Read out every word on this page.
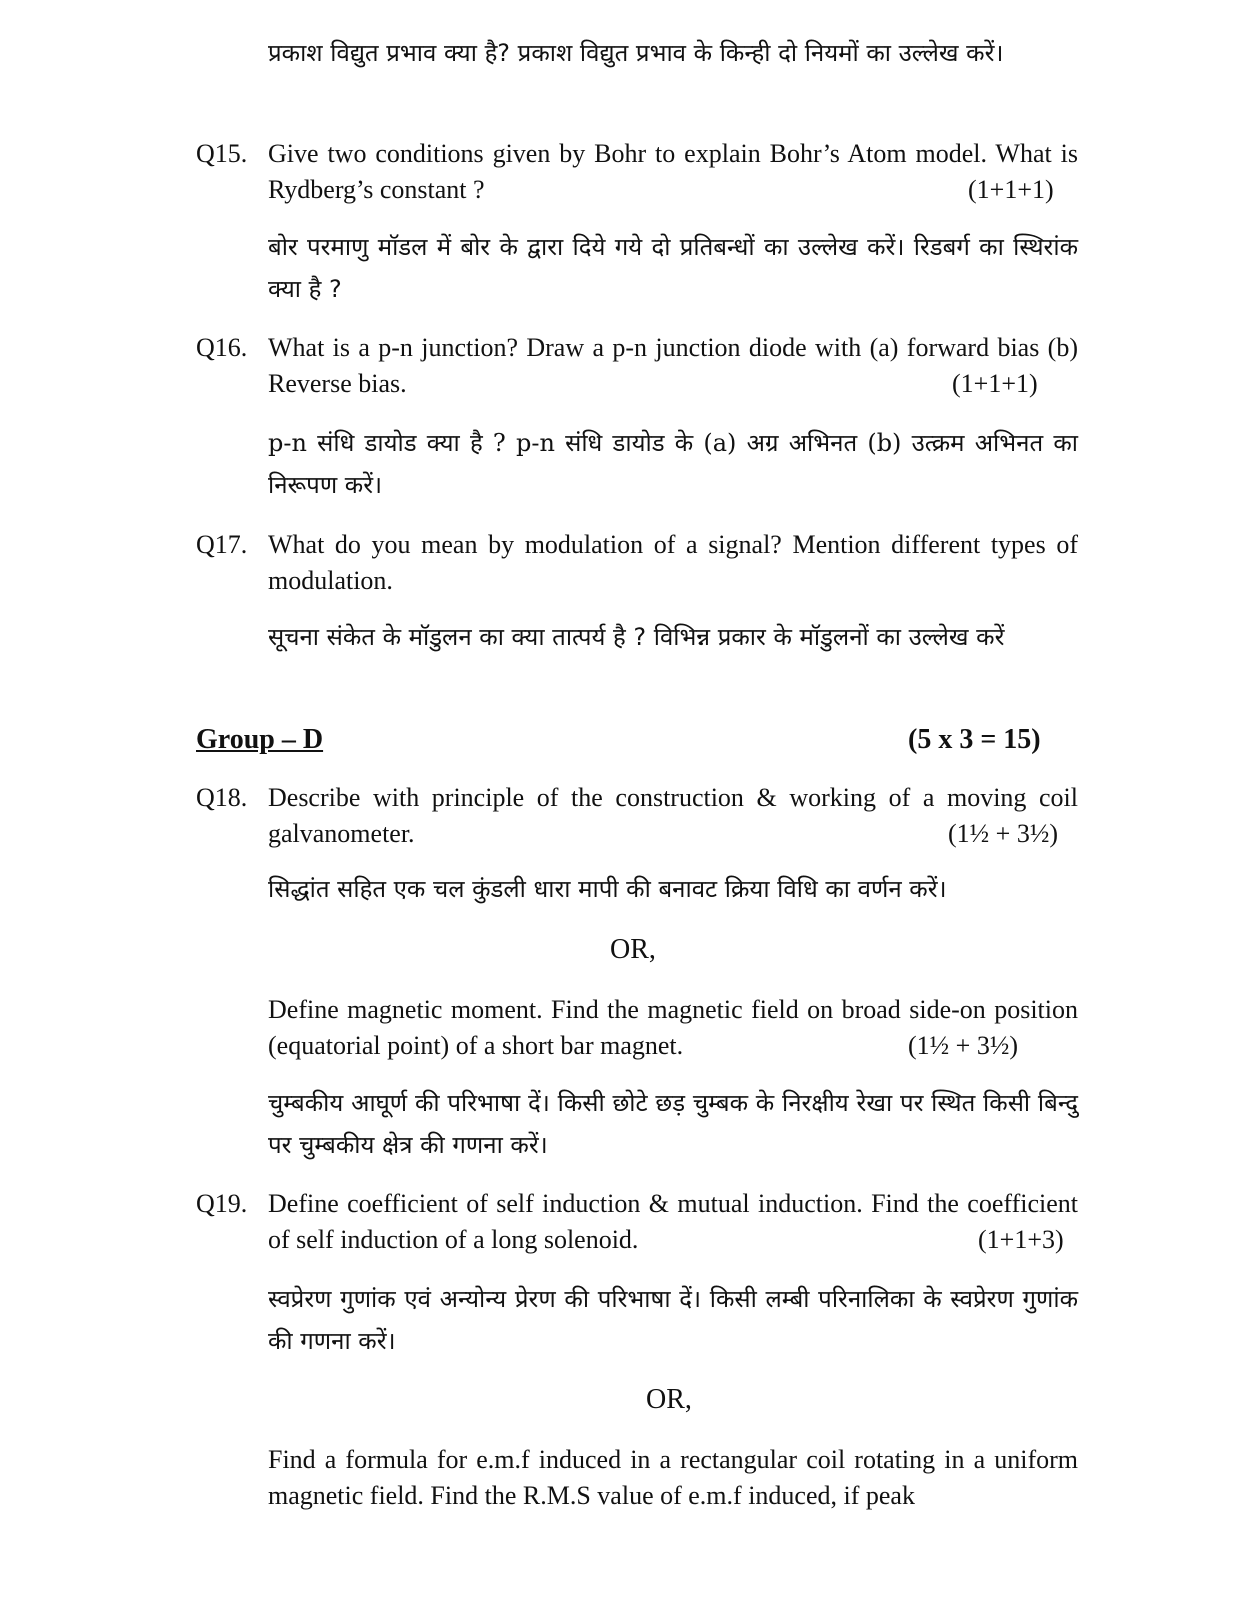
प्रकाश विद्युत प्रभाव क्या है? प्रकाश विद्युत प्रभाव के किन्ही दो नियमों का उल्लेख करें।

Q15. Give two conditions given by Bohr to explain Bohr’s Atom model. What is Rydberg’s constant ?	(1+1+1)

बोर परमाणु मॉडल में बोर के द्वारा दिये गये दो प्रतिबन्धों का उल्लेख करें। रिडबर्ग का स्थिरांक क्या है ?

Q16. What is a p-n junction? Draw a p-n junction diode with (a) forward bias (b) Reverse bias.	(1+1+1)

p-n संधि डायोड क्या है ? p-n संधि डायोड के (a) अग्र अभिनत (b) उत्क्रम अभिनत का निरूपण करें।

Q17. What do you mean by modulation of a signal? Mention different types of modulation.

सूचना संकेत के मॉडुलन का क्या तात्पर्य है ? विभिन्न प्रकार के मॉडुलनों का उल्लेख करें

Group – D	(5 x 3 = 15)
Q18. Describe with principle of the construction & working of a moving coil galvanometer.	(1½ + 3½)

सिद्धांत सहित एक चल कुंडली धारा मापी की बनावट क्रिया विधि का वर्णन करें।

OR,

Define magnetic moment. Find the magnetic field on broad side-on position (equatorial point) of a short bar magnet.	(1½ + 3½)

चुम्बकीय आघूर्ण की परिभाषा दें। किसी छोटे छड़ चुम्बक के निरक्षीय रेखा पर स्थित किसी बिन्दु पर चुम्बकीय क्षेत्र की गणना करें।

Q19. Define coefficient of self induction & mutual induction. Find the coefficient of self induction of a long solenoid.	(1+1+3)

स्वप्रेरण गुणांक एवं अन्योन्य प्रेरण की परिभाषा दें। किसी लम्बी परिनालिका के स्वप्रेरण गुणांक की गणना करें।

OR,

Find a formula for e.m.f induced in a rectangular coil rotating in a uniform magnetic field. Find the R.M.S value of e.m.f induced, if peak
